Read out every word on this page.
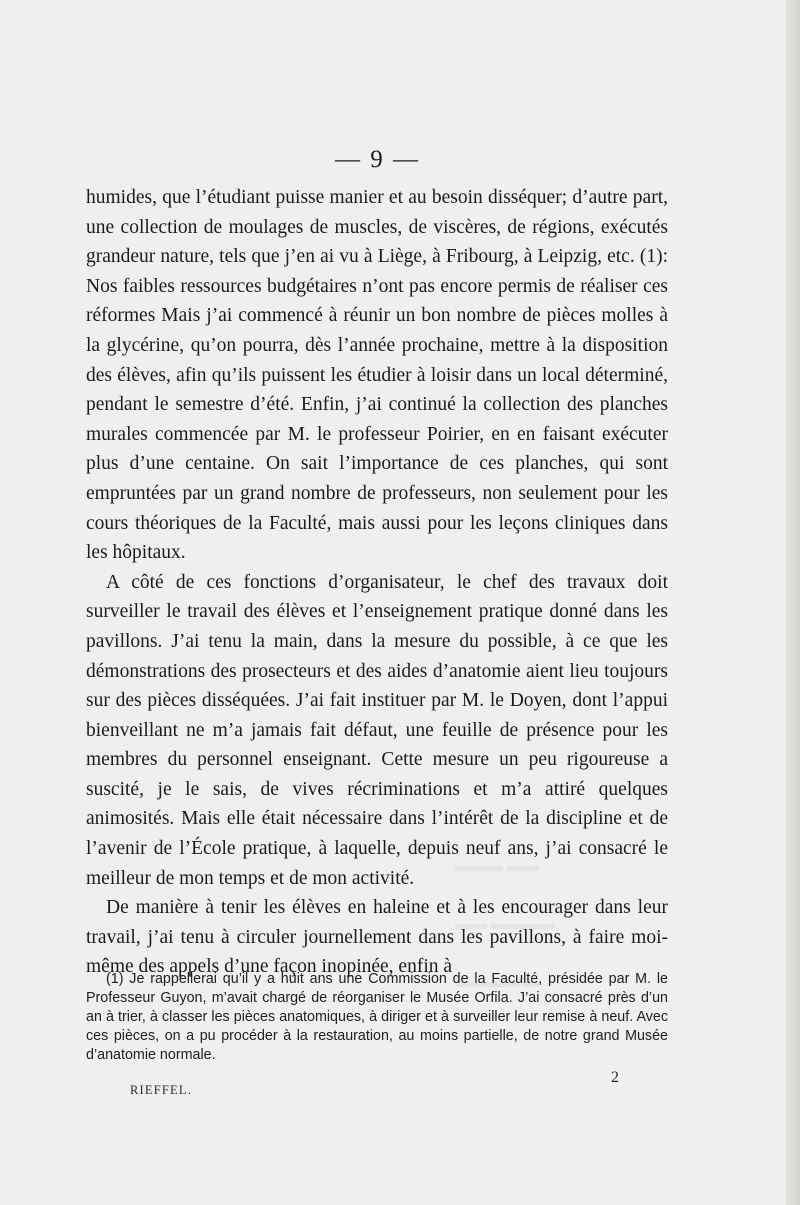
— 9 —

humides, que l’étudiant puisse manier et au besoin disséquer; d’autre part, une collection de moulages de muscles, de viscères, de régions, exécutés grandeur nature, tels que j’en ai vu à Liège, à Fribourg, à Leipzig, etc. (1): Nos faibles ressources budgétaires n’ont pas encore permis de réaliser ces réformes Mais j’ai commencé à réunir un bon nombre de pièces molles à la glycérine, qu’on pourra, dès l’année prochaine, mettre à la disposition des élèves, afin qu’ils puissent les étudier à loisir dans un local déterminé, pendant le semestre d’été. Enfin, j’ai continué la collection des planches murales commencée par M. le professeur Poirier, en en faisant exécuter plus d’une centaine. On sait l’importance de ces planches, qui sont empruntées par un grand nombre de professeurs, non seulement pour les cours théoriques de la Faculté, mais aussi pour les leçons cliniques dans les hôpitaux.

A côté de ces fonctions d’organisateur, le chef des travaux doit surveiller le travail des élèves et l’enseignement pratique donné dans les pavillons. J’ai tenu la main, dans la mesure du possible, à ce que les démonstrations des prosecteurs et des aides d’anatomie aient lieu toujours sur des pièces disséquées. J’ai fait instituer par M. le Doyen, dont l’appui bienveillant ne m’a jamais fait défaut, une feuille de présence pour les membres du personnel enseignant. Cette mesure un peu rigoureuse a suscité, je le sais, de vives récriminations et m’a attiré quelques animosités. Mais elle était nécessaire dans l’intérêt de la discipline et de l’avenir de l’École pratique, à laquelle, depuis neuf ans, j’ai consacré le meilleur de mon temps et de mon activité.

De manière à tenir les élèves en haleine et à les encourager dans leur travail, j’ai tenu à circuler journellement dans les pavillons, à faire moi-même des appels d’une façon inopinée, enfin à

(1) Je rappellerai qu’il y a huit ans une Commission de la Faculté, présidée par M. le Professeur Guyon, m’avait chargé de réorganiser le Musée Orfila. J’ai consacré près d’un an à trier, à classer les pièces anatomiques, à diriger et à surveiller leur remise à neuf. Avec ces pièces, on a pu procéder à la restauration, au moins partielle, de notre grand Musée d’anatomie normale.
RIEFFEL.
2
